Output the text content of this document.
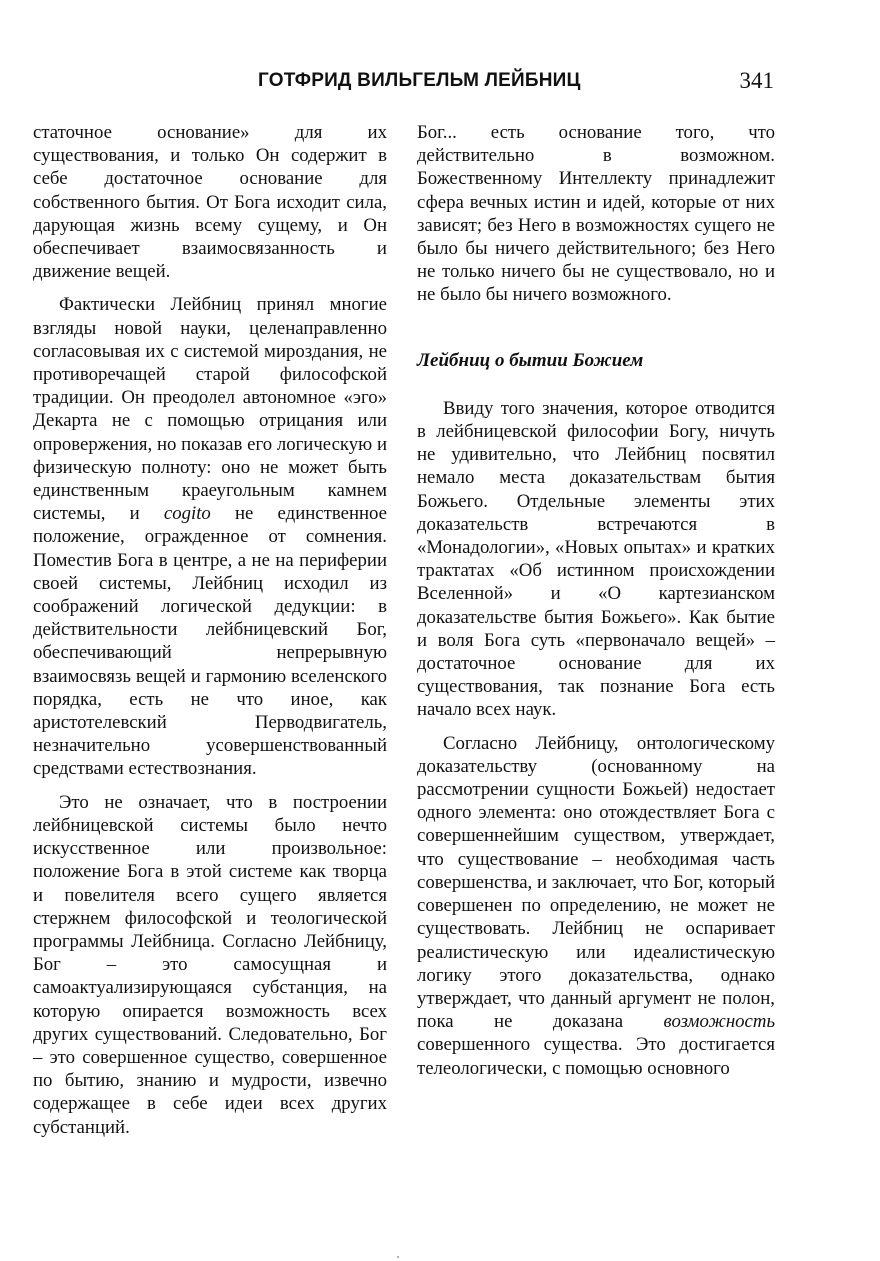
ГОТФРИД ВИЛЬГЕЛЬМ ЛЕЙБНИЦ	341

статочное основание» для их существования, и только Он содержит в себе достаточное основание для собственного бытия. От Бога исходит сила, дарующая жизнь всему сущему, и Он обеспечивает взаимосвязанность и движение вещей.

Фактически Лейбниц принял многие взгляды новой науки, целенаправленно согласовывая их с системой мироздания, не противоречащей старой философской традиции. Он преодолел автономное «эго» Декарта не с помощью отрицания или опровержения, но показав его логическую и физическую полноту: оно не может быть единственным краеугольным камнем системы, и cogito не единственное положение, огражденное от сомнения. Поместив Бога в центре, а не на периферии своей системы, Лейбниц исходил из соображений логической дедукции: в действительности лейбницевский Бог, обеспечивающий непрерывную взаимосвязь вещей и гармонию вселенского порядка, есть не что иное, как аристотелевский Перводвигатель, незначительно усовершенствованный средствами естествознания.

Это не означает, что в построении лейбницевской системы было нечто искусственное или произвольное: положение Бога в этой системе как творца и повелителя всего сущего является стержнем философской и теологической программы Лейбница. Согласно Лейбницу, Бог – это самосущная и самоактуализирующаяся субстанция, на которую опирается возможность всех других существований. Следовательно, Бог – это совершенное существо, совершенное по бытию, знанию и мудрости, извечно содержащее в себе идеи всех других субстанций.

Бог... есть основание того, что действительно в возможном. Божественному Интеллекту принадлежит сфера вечных истин и идей, которые от них зависят; без Него в возможностях сущего не было бы ничего действительного; без Него не только ничего бы не существовало, но и не было бы ничего возможного.

Лейбниц о бытии Божием

Ввиду того значения, которое отводится в лейбницевской философии Богу, ничуть не удивительно, что Лейбниц посвятил немало места доказательствам бытия Божьего. Отдельные элементы этих доказательств встречаются в «Монадологии», «Новых опытах» и кратких трактатах «Об истинном происхождении Вселенной» и «О картезианском доказательстве бытия Божьего». Как бытие и воля Бога суть «первоначало вещей» – достаточное основание для их существования, так познание Бога есть начало всех наук.

Согласно Лейбницу, онтологическому доказательству (основанному на рассмотрении сущности Божьей) недостает одного элемента: оно отождествляет Бога с совершеннейшим существом, утверждает, что существование – необходимая часть совершенства, и заключает, что Бог, который совершенен по определению, не может не существовать. Лейбниц не оспаривает реалистическую или идеалистическую логику этого доказательства, однако утверждает, что данный аргумент не полон, пока не доказана возможность совершенного существа. Это достигается телеологически, с помощью основного
